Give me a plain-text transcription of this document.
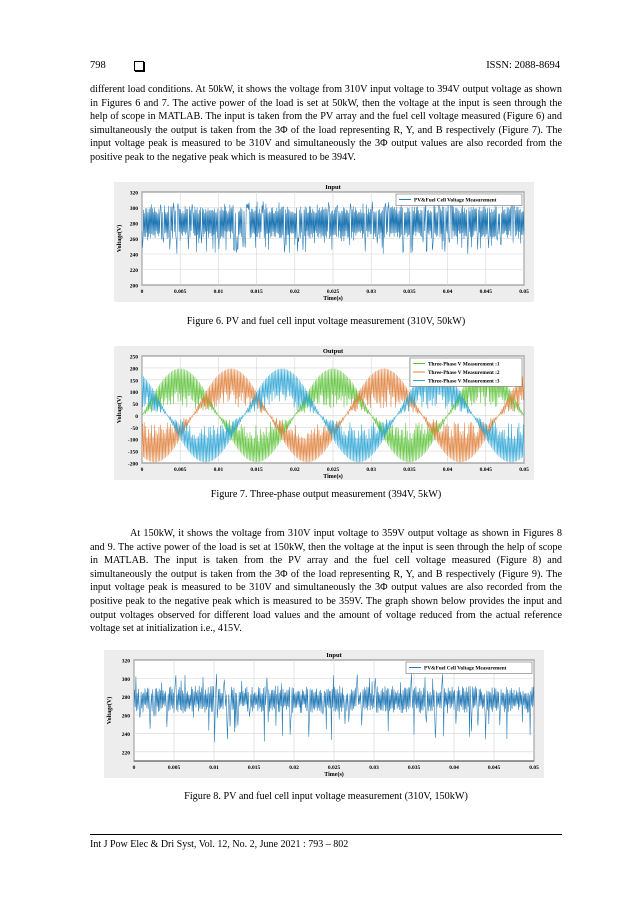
798	ISSN: 2088-8694

different load conditions. At 50kW, it shows the voltage from 310V input voltage to 394V output voltage as shown in Figures 6 and 7. The active power of the load is set at 50kW, then the voltage at the input is seen through the help of scope in MATLAB. The input is taken from the PV array and the fuel cell voltage measured (Figure 6) and simultaneously the output is taken from the 3Φ of the load representing R, Y, and B respectively (Figure 7). The input voltage peak is measured to be 310V and simultaneously the 3Φ output values are also recorded from the positive peak to the negative peak which is measured to be 394V.

200
220
240
260
280
300
320
0	0.005	0.01	0.015	0.02	0.025	0.03	0.035	0.04	0.045	0.05
Input
Time(s)
Voltage(V)
PV&Fuel Cell Voltage Measurement
Figure 6. PV and fuel cell input voltage measurement (310V, 50kW)
250
200
150
100
50
0
-50
-100
-150
-200
0	0.005	0.01	0.015	0.02	0.025	0.03	0.035	0.04	0.045	0.05
Output
Time(s)
Voltage(V)
Three-Phase V Measurement :1
Three-Phase V Measurement :2
Three-Phase V Measurement :3
Figure 7. Three-phase output measurement (394V, 5kW)

At 150kW, it shows the voltage from 310V input voltage to 359V output voltage as shown in Figures 8 and 9. The active power of the load is set at 150kW, then the voltage at the input is seen through the help of scope in MATLAB. The input is taken from the PV array and the fuel cell voltage measured (Figure 8) and simultaneously the output is taken from the 3Φ of the load representing R, Y, and B respectively (Figure 9). The input voltage peak is measured to be 310V and simultaneously the 3Φ output values are also recorded from the positive peak to the negative peak which is measured to be 359V. The graph shown below provides the input and output voltages observed for different load values and the amount of voltage reduced from the actual reference voltage set at initialization i.e., 415V.

220
240
260
280
300
320
0	0.005	0.01	0.015	0.02	0.025	0.03	0.035	0.04	0.045	0.05
Input
Time(s)
Voltage(V)
PV&Fuel Cell Voltage Measurement
Figure 8. PV and fuel cell input voltage measurement (310V, 150kW)
Int J Pow Elec & Dri Syst, Vol. 12, No. 2, June 2021 : 793 – 802
